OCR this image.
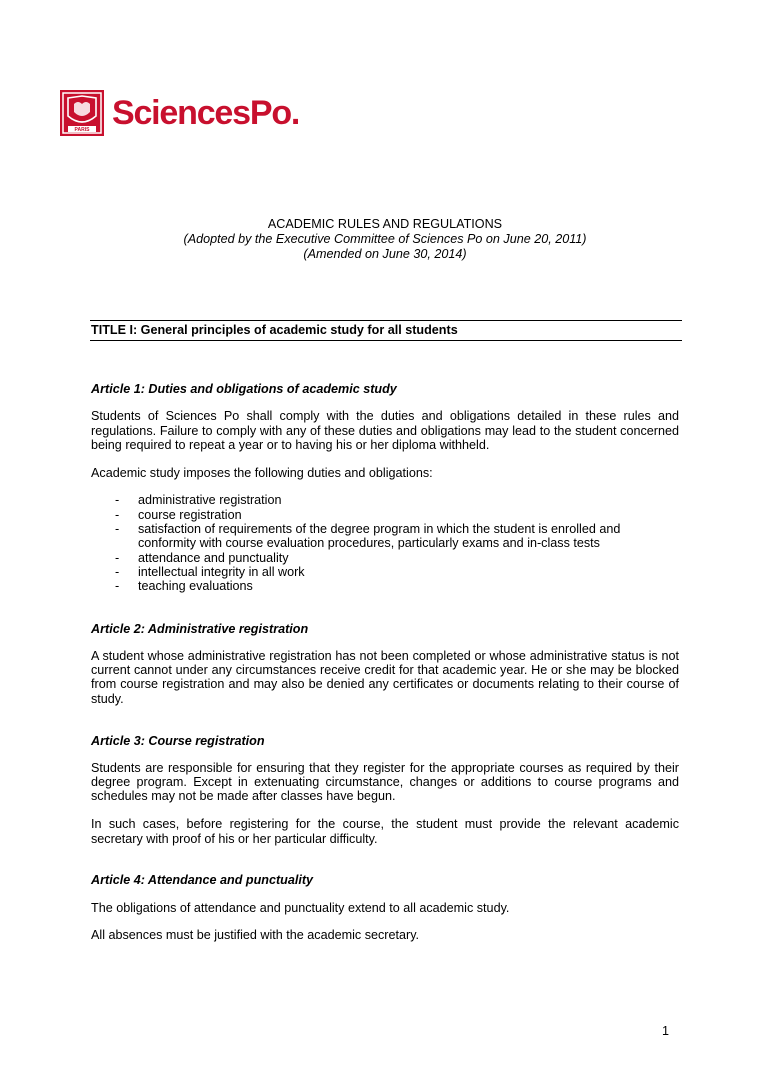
PARIS SciencesPo.
ACADEMIC RULES AND REGULATIONS
(Adopted by the Executive Committee of Sciences Po on June 20, 2011)
(Amended on June 30, 2014)
TITLE I: General principles of academic study for all students
Article 1: Duties and obligations of academic study

Students of Sciences Po shall comply with the duties and obligations detailed in these rules and regulations. Failure to comply with any of these duties and obligations may lead to the student concerned being required to repeat a year or to having his or her diploma withheld.

Academic study imposes the following duties and obligations:

- administrative registration
- course registration
- satisfaction of requirements of the degree program in which the student is enrolled and conformity with course evaluation procedures, particularly exams and in-class tests
- attendance and punctuality
- intellectual integrity in all work
- teaching evaluations
Article 2: Administrative registration

A student whose administrative registration has not been completed or whose administrative status is not current cannot under any circumstances receive credit for that academic year. He or she may be blocked from course registration and may also be denied any certificates or documents relating to their course of study.

Article 3: Course registration

Students are responsible for ensuring that they register for the appropriate courses as required by their degree program. Except in extenuating circumstance, changes or additions to course programs and schedules may not be made after classes have begun.

In such cases, before registering for the course, the student must provide the relevant academic secretary with proof of his or her particular difficulty.

Article 4: Attendance and punctuality

The obligations of attendance and punctuality extend to all academic study.

All absences must be justified with the academic secretary.

1
